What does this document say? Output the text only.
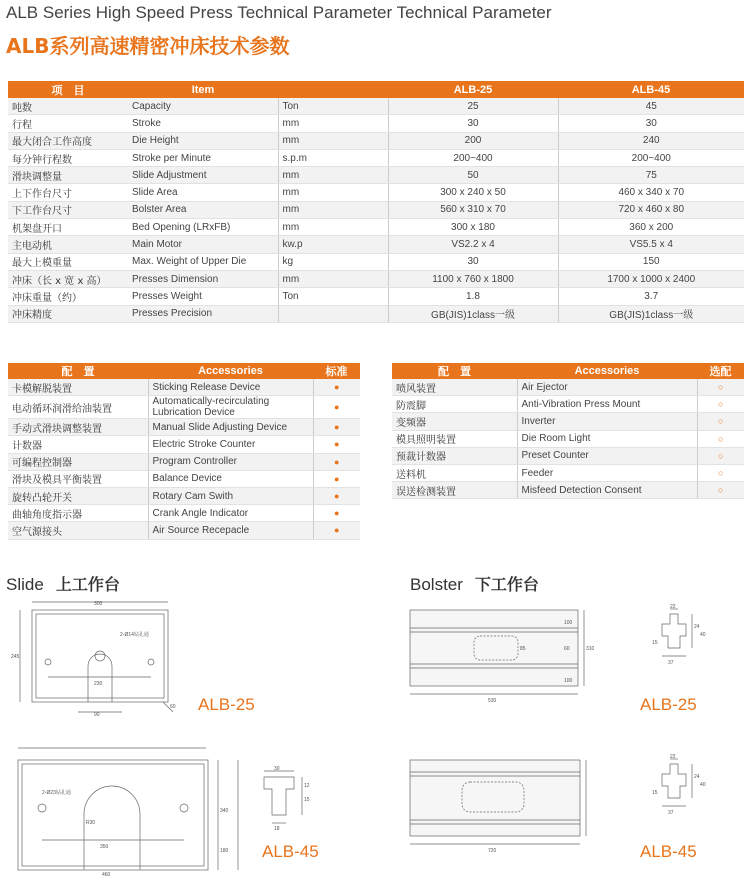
ALB Series High Speed Press Technical Parameter Technical Parameter
ALB系列高速精密冲床技术参数
项　目	Item		ALB-25	ALB-45
吨数	Capacity	Ton	25	45
行程	Stroke	mm	30	30
最大闭合工作高度	Die Height	mm	200	240
每分钟行程数	Stroke per Minute	s.p.m	200~400	200~400
滑块调整量	Slide Adjustment	mm	50	75
上下作台尺寸	Slide Area	mm	300 x 240 x 50	460 x 340 x 70
下工作台尺寸	Bolster Area	mm	560 x 310 x 70	720 x 460 x 80
机架盘开口	Bed Opening (LRxFB)	mm	300 x 180	360 x 200
主电动机	Main Motor	kw.p	VS2.2 x 4	VS5.5 x 4
最大上模重量	Max. Weight of Upper Die	kg	30	150
冲床（长 x 宽 x 高）	Presses Dimension	mm	1100 x 760 x 1800	1700 x 1000 x 2400
冲床重量（约）	Presses Weight	Ton	1.8	3.7
冲床精度	Presses Precision		GB(JIS)1class一级	GB(JIS)1class一级
配　置	Accessories	标准
卡模解脱装置	Sticking Release Device	●
电动循环润滑给油装置	Automatically-recirculating Lubrication Device	●
手动式滑块调整装置	Manual Slide Adjusting Device	●
计数器	Electric Stroke Counter	●
可编程控制器	Program Controller	●
滑块及模具平衡装置	Balance Device	●
旋转凸轮开关	Rotary Cam Swith	●
曲轴角度指示器	Crank Angle Indicator	●
空气源接头	Air Source Recepacle	●
配　置	Accessories	选配
喷风装置	Air Ejector	○
防震脚	Anti-Vibration Press Mount	○
变频器	Inverter	○
模具照明装置	Die Room Light	○
预裁计数器	Preset Counter	○
送料机	Feeder	○
误送检测装置	Misfeed Detection Consent	○
Slide 上工作台	Bolster 下工作台
ALB-25	ALB-25
ALB-45	ALB-45
300
245
2-Ø14钻孔通
230
90
60
2-Ø23钻孔通
R30
350
460
340
180
30
12
15
18
530
310
100
100
60
85
22
24
40
37
15
720
22
24
40
37
15
